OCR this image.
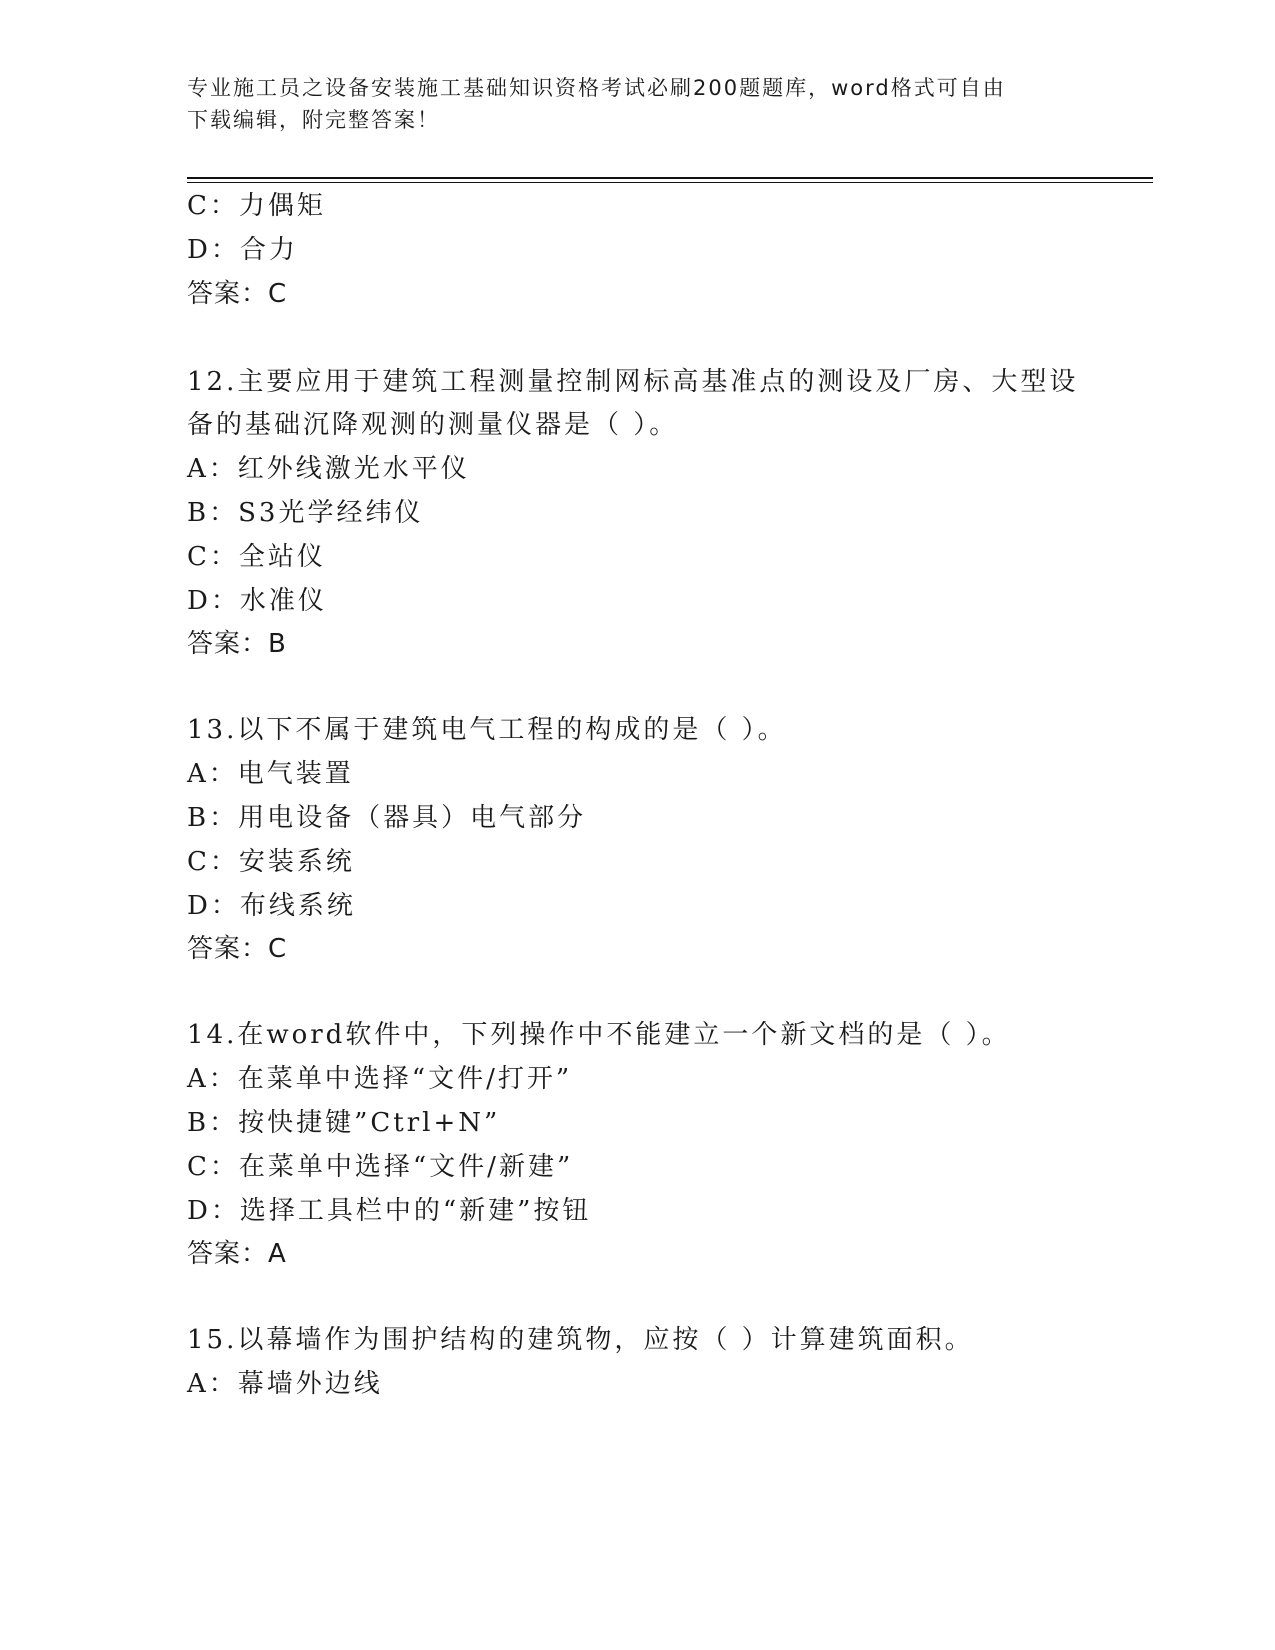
专业施工员之设备安装施工基础知识资格考试必刷200题题库，word格式可自由
下载编辑，附完整答案！
C：力偶矩
D：合力
答案：C
12.主要应用于建筑工程测量控制网标高基准点的测设及厂房、大型设
备的基础沉降观测的测量仪器是（ ）。
A：红外线激光水平仪
B：S3光学经纬仪
C：全站仪
D：水准仪
答案：B
13.以下不属于建筑电气工程的构成的是（ ）。
A：电气装置
B：用电设备（器具）电气部分
C：安装系统
D：布线系统
答案：C
14.在word软件中，下列操作中不能建立一个新文档的是（ ）。
A：在菜单中选择“文件/打开”
B：按快捷键”Ctrl+N”
C：在菜单中选择“文件/新建”
D：选择工具栏中的“新建”按钮
答案：A
15.以幕墙作为围护结构的建筑物，应按（ ）计算建筑面积。
A：幕墙外边线
